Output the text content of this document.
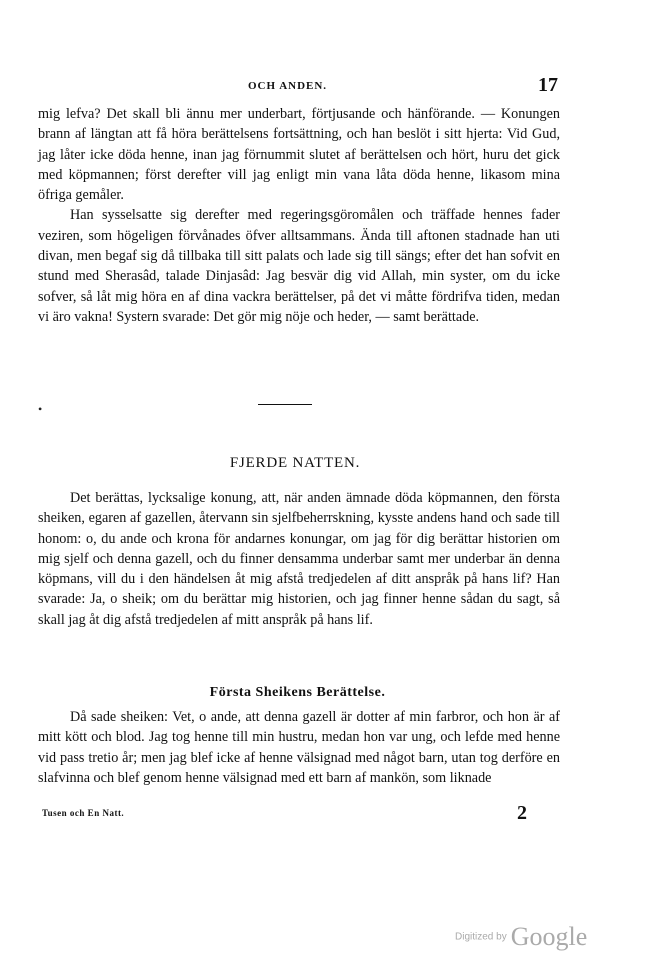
OCH ANDEN.	17

mig lefva? Det skall bli ännu mer underbart, förtjusande och hänförande. — Konungen brann af längtan att få höra berättelsens fortsättning, och han beslöt i sitt hjerta: Vid Gud, jag låter icke döda henne, inan jag förnummit slutet af berättelsen och hört, huru det gick med köpmannen; först derefter vill jag enligt min vana låta döda henne, likasom mina öfriga gemåler.

Han sysselsatte sig derefter med regeringsgöromålen och träffade hennes fader veziren, som högeligen förvånades öfver alltsammans. Ända till aftonen stadnade han uti divan, men begaf sig då tillbaka till sitt palats och lade sig till sängs; efter det han sofvit en stund med Sherasâd, talade Dinjasâd: Jag besvär dig vid Allah, min syster, om du icke sofver, så låt mig höra en af dina vackra berättelser, på det vi måtte fördrifva tiden, medan vi äro vakna! Systern svarade: Det gör mig nöje och heder, — samt berättade.

FJERDE NATTEN.

Det berättas, lycksalige konung, att, när anden ämnade döda köpmannen, den första sheiken, egaren af gazellen, återvann sin sjelfbeherrskning, kysste andens hand och sade till honom: o, du ande och krona för andarnes konungar, om jag för dig berättar historien om mig sjelf och denna gazell, och du finner densamma underbar samt mer underbar än denna köpmans, vill du i den händelsen åt mig afstå tredjedelen af ditt anspråk på hans lif? Han svarade: Ja, o sheik; om du berättar mig historien, och jag finner henne sådan du sagt, så skall jag åt dig afstå tredjedelen af mitt anspråk på hans lif.

Första Sheikens Berättelse.

Då sade sheiken: Vet, o ande, att denna gazell är dotter af min farbror, och hon är af mitt kött och blod. Jag tog henne till min hustru, medan hon var ung, och lefde med henne vid pass tretio år; men jag blef icke af henne välsignad med något barn, utan tog derföre en slafvinna och blef genom henne välsignad med ett barn af mankön, som liknade

Tusen och En Natt.	2
Digitized by Google
•
